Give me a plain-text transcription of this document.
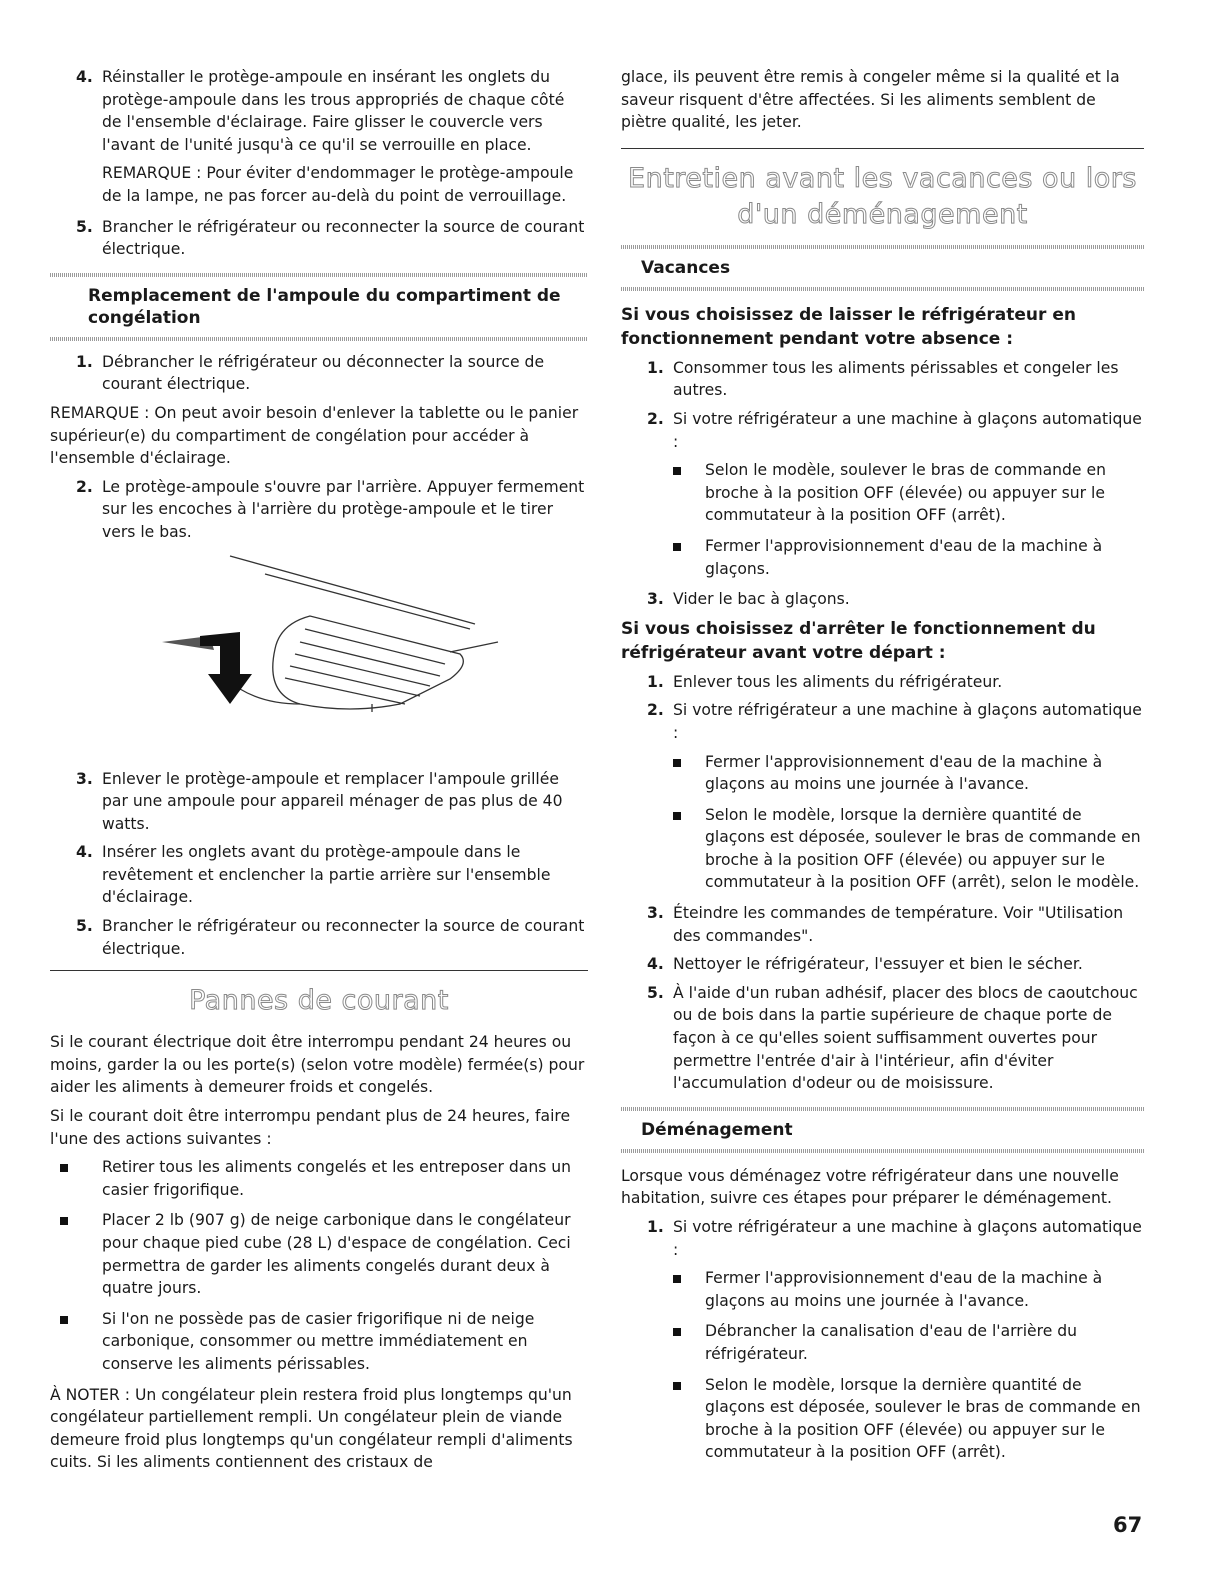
4. Réinstaller le protège-ampoule en insérant les onglets du protège-ampoule dans les trous appropriés de chaque côté de l'ensemble d'éclairage. Faire glisser le couvercle vers l'avant de l'unité jusqu'à ce qu'il se verrouille en place.
REMARQUE : Pour éviter d'endommager le protège-ampoule de la lampe, ne pas forcer au-delà du point de verrouillage.
5. Brancher le réfrigérateur ou reconnecter la source de courant électrique.
Remplacement de l'ampoule du compartiment de congélation
1. Débrancher le réfrigérateur ou déconnecter la source de courant électrique.

REMARQUE : On peut avoir besoin d'enlever la tablette ou le panier supérieur(e) du compartiment de congélation pour accéder à l'ensemble d'éclairage.

2. Le protège-ampoule s'ouvre par l'arrière. Appuyer fermement sur les encoches à l'arrière du protège-ampoule et le tirer vers le bas.
3. Enlever le protège-ampoule et remplacer l'ampoule grillée par une ampoule pour appareil ménager de pas plus de 40 watts.
4. Insérer les onglets avant du protège-ampoule dans le revêtement et enclencher la partie arrière sur l'ensemble d'éclairage.
5. Brancher le réfrigérateur ou reconnecter la source de courant électrique.
Pannes de courant

Si le courant électrique doit être interrompu pendant 24 heures ou moins, garder la ou les porte(s) (selon votre modèle) fermée(s) pour aider les aliments à demeurer froids et congelés.

Si le courant doit être interrompu pendant plus de 24 heures, faire l'une des actions suivantes :

Retirer tous les aliments congelés et les entreposer dans un casier frigorifique.
Placer 2 lb (907 g) de neige carbonique dans le congélateur pour chaque pied cube (28 L) d'espace de congélation. Ceci permettra de garder les aliments congelés durant deux à quatre jours.
Si l'on ne possède pas de casier frigorifique ni de neige carbonique, consommer ou mettre immédiatement en conserve les aliments périssables.

À NOTER : Un congélateur plein restera froid plus longtemps qu'un congélateur partiellement rempli. Un congélateur plein de viande demeure froid plus longtemps qu'un congélateur rempli d'aliments cuits. Si les aliments contiennent des cristaux de

glace, ils peuvent être remis à congeler même si la qualité et la saveur risquent d'être affectées. Si les aliments semblent de piètre qualité, les jeter.

Entretien avant les vacances ou lors
d'un déménagement
Vacances
Si vous choisissez de laisser le réfrigérateur en fonctionnement pendant votre absence :
1. Consommer tous les aliments périssables et congeler les autres.
2. Si votre réfrigérateur a une machine à glaçons automatique :
Selon le modèle, soulever le bras de commande en broche à la position OFF (élevée) ou appuyer sur le commutateur à la position OFF (arrêt).
Fermer l'approvisionnement d'eau de la machine à glaçons.
3. Vider le bac à glaçons.
Si vous choisissez d'arrêter le fonctionnement du réfrigérateur avant votre départ :
1. Enlever tous les aliments du réfrigérateur.
2. Si votre réfrigérateur a une machine à glaçons automatique :
Fermer l'approvisionnement d'eau de la machine à glaçons au moins une journée à l'avance.
Selon le modèle, lorsque la dernière quantité de glaçons est déposée, soulever le bras de commande en broche à la position OFF (élevée) ou appuyer sur le commutateur à la position OFF (arrêt), selon le modèle.
3. Éteindre les commandes de température. Voir "Utilisation des commandes".
4. Nettoyer le réfrigérateur, l'essuyer et bien le sécher.
5. À l'aide d'un ruban adhésif, placer des blocs de caoutchouc ou de bois dans la partie supérieure de chaque porte de façon à ce qu'elles soient suffisamment ouvertes pour permettre l'entrée d'air à l'intérieur, afin d'éviter l'accumulation d'odeur ou de moisissure.
Déménagement

Lorsque vous déménagez votre réfrigérateur dans une nouvelle habitation, suivre ces étapes pour préparer le déménagement.

1. Si votre réfrigérateur a une machine à glaçons automatique :
Fermer l'approvisionnement d'eau de la machine à glaçons au moins une journée à l'avance.
Débrancher la canalisation d'eau de l'arrière du réfrigérateur.
Selon le modèle, lorsque la dernière quantité de glaçons est déposée, soulever le bras de commande en broche à la position OFF (élevée) ou appuyer sur le commutateur à la position OFF (arrêt).
67
